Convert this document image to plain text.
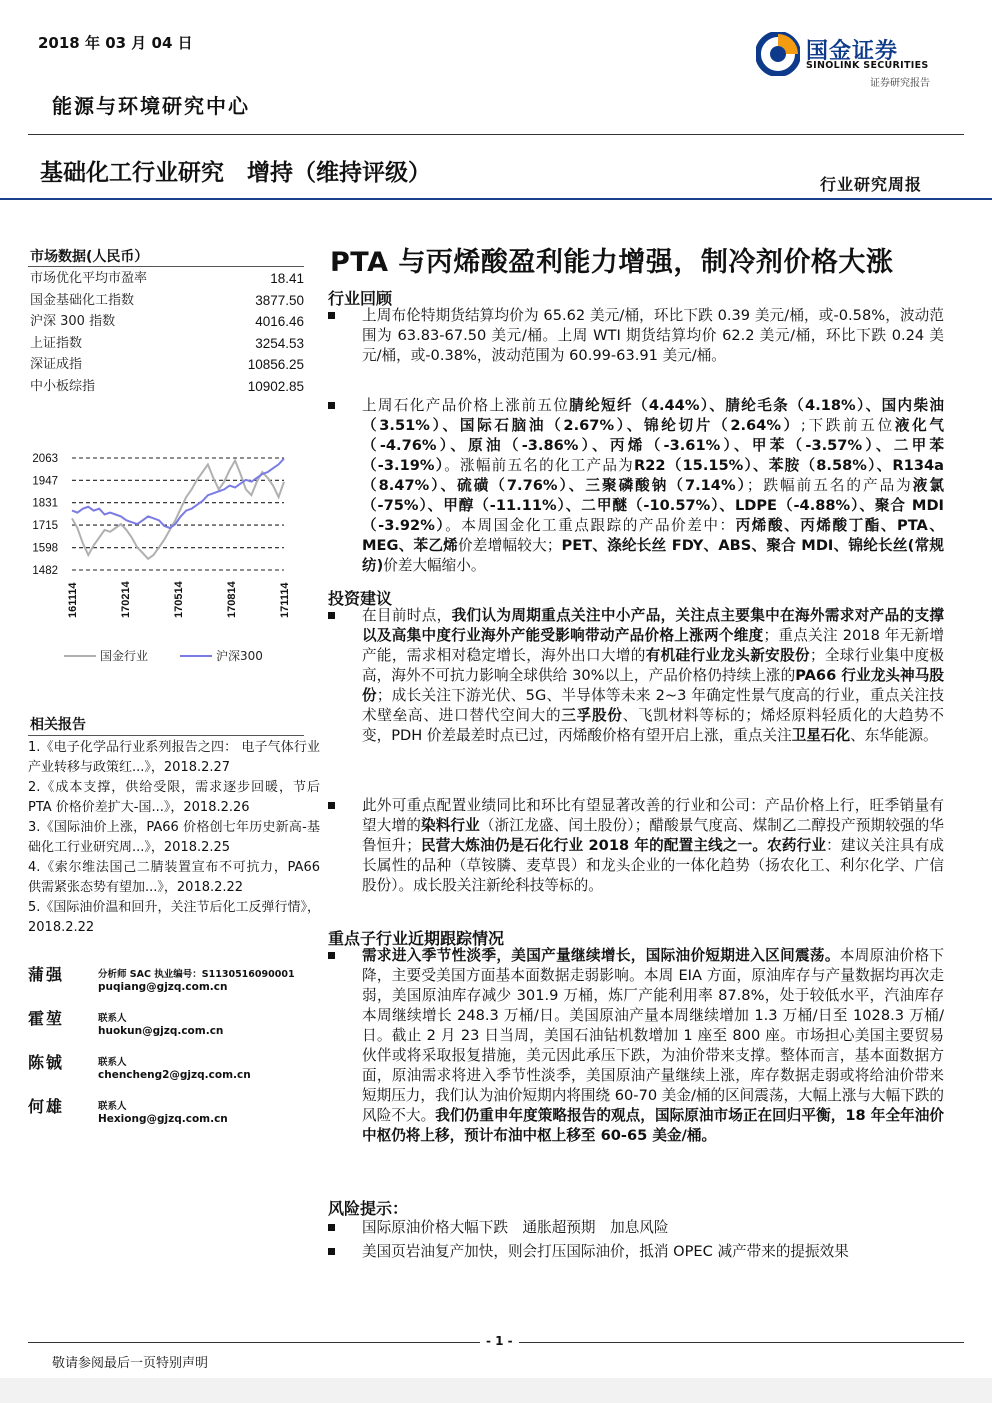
2018 年 03 月 04 日	国金证券
SINOLINK SECURITIES
证券研究报告
能源与环境研究中心
基础化工行业研究　增持（维持评级）	行业研究周报
市场数据(人民币）
市场优化平均市盈率	18.41
国金基础化工指数	3877.50
沪深 300 指数	4016.46
上证指数	3254.53
深证成指	10856.25
中小板综指	10902.85
1482
1598
1715
1831
1947
2063
161114	170214	170514	170814	171114
国金行业	沪深300
相关报告
1.《电子化学品行业系列报告之四： 电子气体行业　产业转移与政策红...》，2018.2.27
2.《成本支撑，供给受限，需求逐步回暖，节后 PTA 价格价差扩大-国...》，2018.2.26
3.《国际油价上涨，PA66 价格创七年历史新高-基础化工行业研究周...》，2018.2.25
4.《索尔维法国己二腈装置宣布不可抗力，PA66 供需紧张态势有望加...》，2018.2.22
5.《国际油价温和回升，关注节后化工反弹行情》，2018.2.22
蒲强	分析师 SAC 执业编号：S1130516090001
puqiang@gjzq.com.cn
霍堃	联系人
huokun@gjzq.com.cn
陈铖	联系人
chencheng2@gjzq.com.cn
何雄	联系人
Hexiong@gjzq.com.cn
PTA 与丙烯酸盈利能力增强，制冷剂价格大涨
行业回顾
上周布伦特期货结算均价为 65.62 美元/桶，环比下跌 0.39 美元/桶，或-0.58%，波动范围为 63.83-67.50 美元/桶。上周 WTI 期货结算均价 62.2 美元/桶，环比下跌 0.24 美元/桶，或-0.38%，波动范围为 60.99-63.91 美元/桶。
上周石化产品价格上涨前五位腈纶短纤（4.44%）、腈纶毛条（4.18%）、国内柴油（3.51%）、国际石脑油（2.67%）、锦纶切片（2.64%）;下跌前五位液化气（-4.76%）、原油（-3.86%）、丙烯（-3.61%）、甲苯（-3.57%）、二甲苯（-3.19%）。涨幅前五名的化工产品为R22（15.15%）、苯胺（8.58%）、R134a（8.47%）、硫磺（7.76%）、三聚磷酸钠（7.14%）；跌幅前五名的产品为液氯（-75%）、甲醇（-11.11%）、二甲醚（-10.57%）、LDPE（-4.88%）、聚合 MDI（-3.92%）。本周国金化工重点跟踪的产品价差中：丙烯酸、丙烯酸丁酯、PTA、MEG、苯乙烯价差增幅较大；PET、涤纶长丝 FDY、ABS、聚合 MDI、锦纶长丝(常规纺)价差大幅缩小。
投资建议
在目前时点，我们认为周期重点关注中小产品，关注点主要集中在海外需求对产品的支撑以及高集中度行业海外产能受影响带动产品价格上涨两个维度；重点关注 2018 年无新增产能，需求相对稳定增长，海外出口大增的有机硅行业龙头新安股份；全球行业集中度极高，海外不可抗力影响全球供给 30%以上，产品价格仍持续上涨的PA66 行业龙头神马股份；成长关注下游光伏、5G、半导体等未来 2~3 年确定性景气度高的行业，重点关注技术壁垒高、进口替代空间大的三孚股份、飞凯材料等标的；烯烃原料轻质化的大趋势不变，PDH 价差最差时点已过，丙烯酸价格有望开启上涨，重点关注卫星石化、东华能源。
此外可重点配置业绩同比和环比有望显著改善的行业和公司：产品价格上行，旺季销量有望大增的染料行业（浙江龙盛、闰土股份）；醋酸景气度高、煤制乙二醇投产预期较强的华鲁恒升；民营大炼油仍是石化行业 2018 年的配置主线之一。农药行业：建议关注具有成长属性的品种（草铵膦、麦草畏）和龙头企业的一体化趋势（扬农化工、利尔化学、广信股份）。成长股关注新纶科技等标的。
重点子行业近期跟踪情况
需求进入季节性淡季，美国产量继续增长，国际油价短期进入区间震荡。本周原油价格下降，主要受美国方面基本面数据走弱影响。本周 EIA 方面，原油库存与产量数据均再次走弱，美国原油库存减少 301.9 万桶，炼厂产能利用率 87.8%，处于较低水平，汽油库存本周继续增长 248.3 万桶/日。美国原油产量本周继续增加 1.3 万桶/日至 1028.3 万桶/日。截止 2 月 23 日当周，美国石油钻机数增加 1 座至 800 座。市场担心美国主要贸易伙伴或将采取报复措施，美元因此承压下跌，为油价带来支撑。整体而言，基本面数据方面，原油需求将进入季节性淡季，美国原油产量继续上涨，库存数据走弱或将给油价带来短期压力，我们认为油价短期内将围绕 60-70 美金/桶的区间震荡，大幅上涨与大幅下跌的风险不大。我们仍重申年度策略报告的观点，国际原油市场正在回归平衡，18 年全年油价中枢仍将上移，预计布油中枢上移至 60-65 美金/桶。
风险提示：
国际原油价格大幅下跌　通胀超预期　加息风险
美国页岩油复产加快，则会打压国际油价，抵消 OPEC 减产带来的提振效果
- 1 -
敬请参阅最后一页特别声明
